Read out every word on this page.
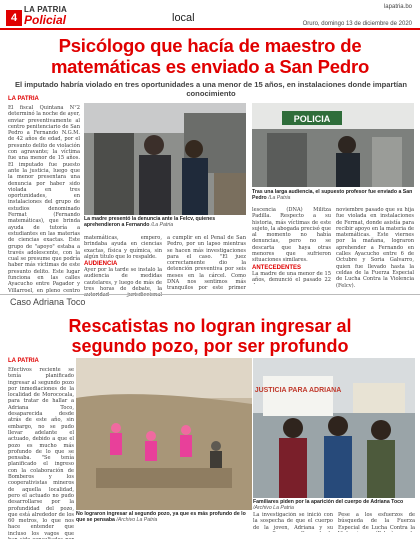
4
LA PATRIA
Policial	local
lapatria.bo
Oruro, domingo 13 de diciembre de 2020
Psicólogo que hacía de maestro de matemáticas es enviado a San Pedro
El imputado habría violado en tres oportunidades a una menor de 15 años, en instalaciones donde impartían conocimiento
LA PATRIA
El fiscal Quintana N°2 determinó la noche de ayer, enviar preventivamente al centro penitenciario de San Pedro a Fernando N.G.M. de 42 años de edad, por el presunto delito de violación con agravante; la víctima fue una menor de 15 años. El imputado fue puesto ante la justicia, luego que la menor presentara una denuncia por haber sido violada en tres oportunidades, en instalaciones del grupo de estudios denominado Fermat (Fernando matemáticas), que brinda ayuda de tutoría a estudiantes en las materias de ciencias exactas. Este grupo de "apoyo" estaba a través adolescente, con la cual se presume que podría haber más víctimas de este presunto delito. Este lugar funciona en las calles Ayacucho entre Pagador y Villarroel, en pleno centro
La madre presentó la denuncia ante la Felcv, quienes aprehendieron a Fernando /La Patria
matemáticas, empero, brindaba ayuda en ciencias exactas, física y química, sin algún título que lo respalde.
AUDIENCIA
Ayer por la tarde se instaló la audiencia de medidas cautelares, y luego de más de tres horas de debate, la
a cumplir en el Penal de San Pedro, por un lapso mientras se hacen más investigaciones para el caso. "El juez correctamente dio la detención preventiva por seis meses en la cárcel. Como DNA nos sentimos más tranquilos por este primer
POLICIA
Tras una larga audiencia, el supuesto profesor fue enviado a San Pedro /La Patria
lescencia (DNA) Militza Padilla. Respecto a su historia, más víctimas de este sujeto, la abogada precisó que al momento no había denuncias, pero no se descarta que haya otras menores que sufrieron situaciones similares.
ANTECEDENTES
La madre de una menor de 15 años, denunció el pasado 22
noviembre pasado que su hija fue violada en instalaciones de Fermat, donde asistía para recibir apoyo en la materia de matemáticas. Este viernes por la mañana, lograron aprehender a Fernando en calles Ayacucho entre 6 de Octubre y Soria Galvarro, quien fue llevado hasta la celdas de la Fuerza Especial de Lucha Contra la Violencia (Felcv).
Caso Adriana Toco
Rescatistas no logran ingresar al segundo pozo, por ser profundo
LA PATRIA
Efectivos reciente se tenía planificado ingresar al segundo pozo por inmediaciones de la localidad de Morococala, para tratar de hallar a Adriana Toco, desaparecida desde atrás de este año, sin embargo, no se pudo llevar adelante el actuado, debido a que el pozo es mucho más profundo de lo que se pensaba. "Se tenía planificado el ingreso con la colaboración de Bomberos y los cooperativistas mineros de aquella localidad, pero el actuado no pudo desarrollarse por la profundidad del pozo, que está alrededor de los 60 metros, lo que nos hace entender que incluso los vagos que
No lograron ingresar al segundo pozo, ya que es más profundo de lo que se pensaba /Archivo La Patria
JUSTICIA PARA ADRIANA
Familiares piden por la aparición del cuerpo de Adriana Toco /Archivo La Patria
La investigación se inició con la sospecha de que el cuerpo de la joven, Adriana y su
Pese a los esfuerzos de búsqueda de la Fuerza Especial de Lucha Contra la
